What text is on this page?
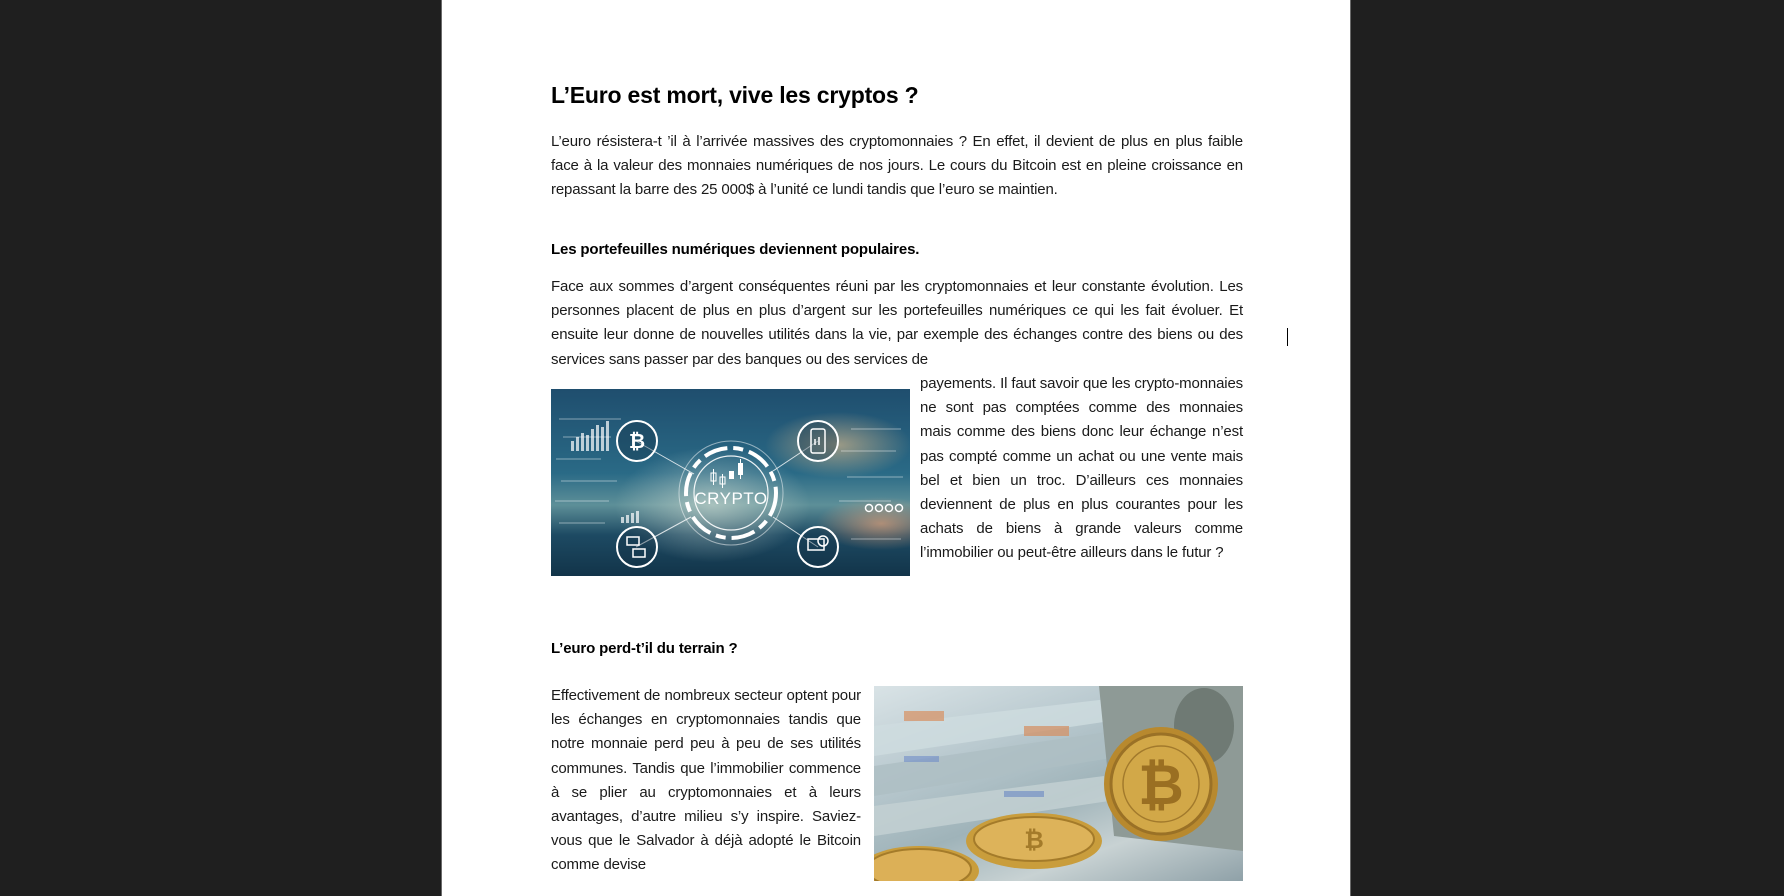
L’Euro est mort, vive les cryptos ?

L’euro résistera-t ’il à l’arrivée massives des cryptomonnaies ? En effet, il devient de plus en plus faible face à la valeur des monnaies numériques de nos jours. Le cours du Bitcoin est en pleine croissance en repassant la barre des 25 000$ à l’unité ce lundi tandis que l’euro se maintien.

Les portefeuilles numériques deviennent populaires.

Face aux sommes d’argent conséquentes réuni par les cryptomonnaies et leur constante évolution. Les personnes placent de plus en plus d’argent sur les portefeuilles numériques ce qui les fait évoluer. Et ensuite leur donne de nouvelles utilités dans la vie, par exemple des échanges contre des biens ou des services sans passer par des banques ou des services de

CRYPTO
₿
payements. Il faut savoir que les crypto-monnaies ne sont pas comptées comme des monnaies mais comme des biens donc leur échange n’est pas compté comme un achat ou une vente mais bel et bien un troc. D’ailleurs ces monnaies deviennent de plus en plus courantes pour les achats de biens à grande valeurs comme l’immobilier ou peut-être ailleurs dans le futur ?

L’euro perd-t’il du terrain ?

Effectivement de nombreux secteur optent pour les échanges en cryptomonnaies tandis que notre monnaie perd peu à peu de ses utilités communes. Tandis que l’immobilier commence à se plier au cryptomonnaies et à leurs avantages, d’autre milieu s’y inspire. Saviez-vous que le Salvador à déjà adopté le Bitcoin comme devise
₿
₿
